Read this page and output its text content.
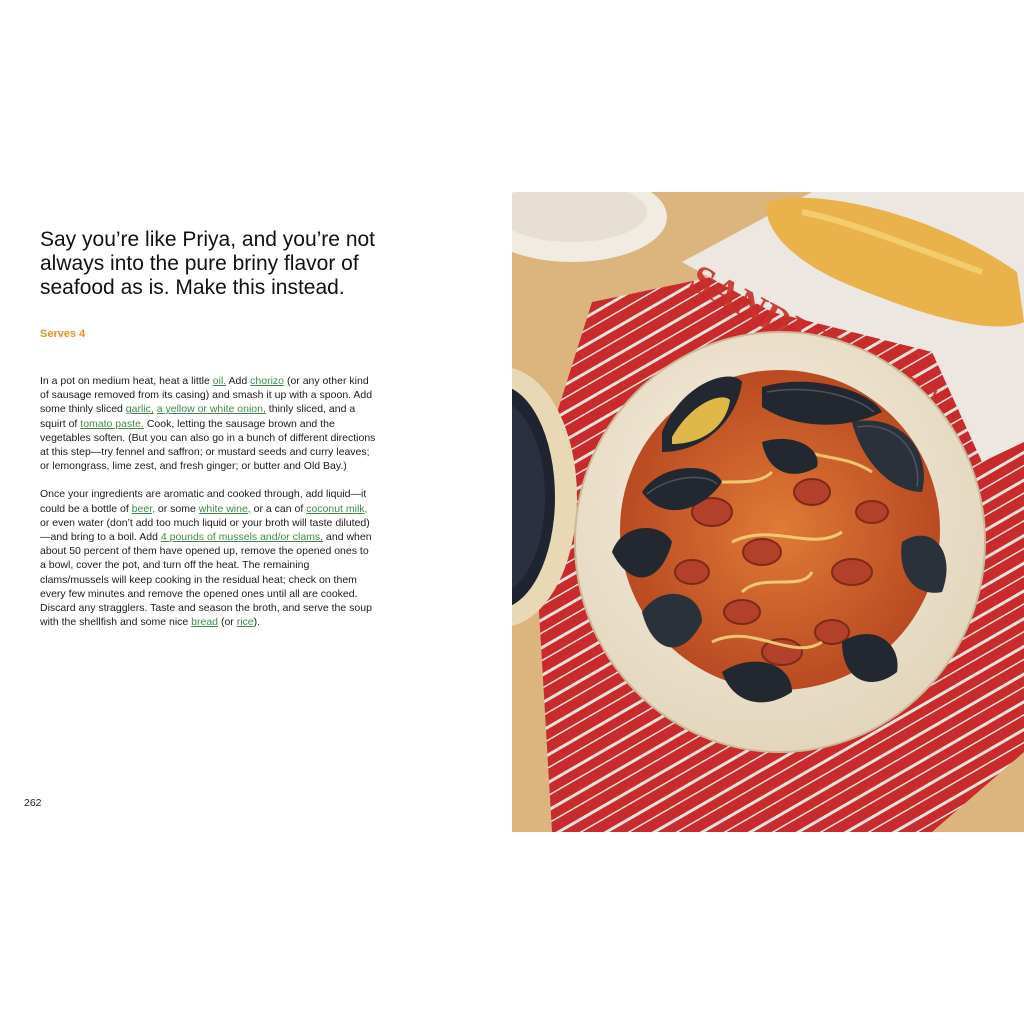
Say you’re like Priya, and you’re not always into the pure briny flavor of seafood as is. Make this instead.
Serves 4

In a pot on medium heat, heat a little oil. Add chorizo (or any other kind of sausage removed from its casing) and smash it up with a spoon. Add some thinly sliced garlic, a yellow or white onion, thinly sliced, and a squirt of tomato paste. Cook, letting the sausage brown and the vegetables soften. (But you can also go in a bunch of different directions at this step—try fennel and saffron; or mustard seeds and curry leaves; or lemongrass, lime zest, and fresh ginger; or butter and Old Bay.)

Once your ingredients are aromatic and cooked through, add liquid—it could be a bottle of beer, or some white wine, or a can of coconut milk, or even water (don’t add too much liquid or your broth will taste diluted)—and bring to a boil. Add 4 pounds of mussels and/or clams, and when about 50 percent of them have opened up, remove the opened ones to a bowl, cover the pot, and turn off the heat. The remaining clams/mussels will keep cooking in the residual heat; check on them every few minutes and remove the opened ones until all are cooked. Discard any stragglers. Taste and season the broth, and serve the soup with the shellfish and some nice bread (or rice).

262
